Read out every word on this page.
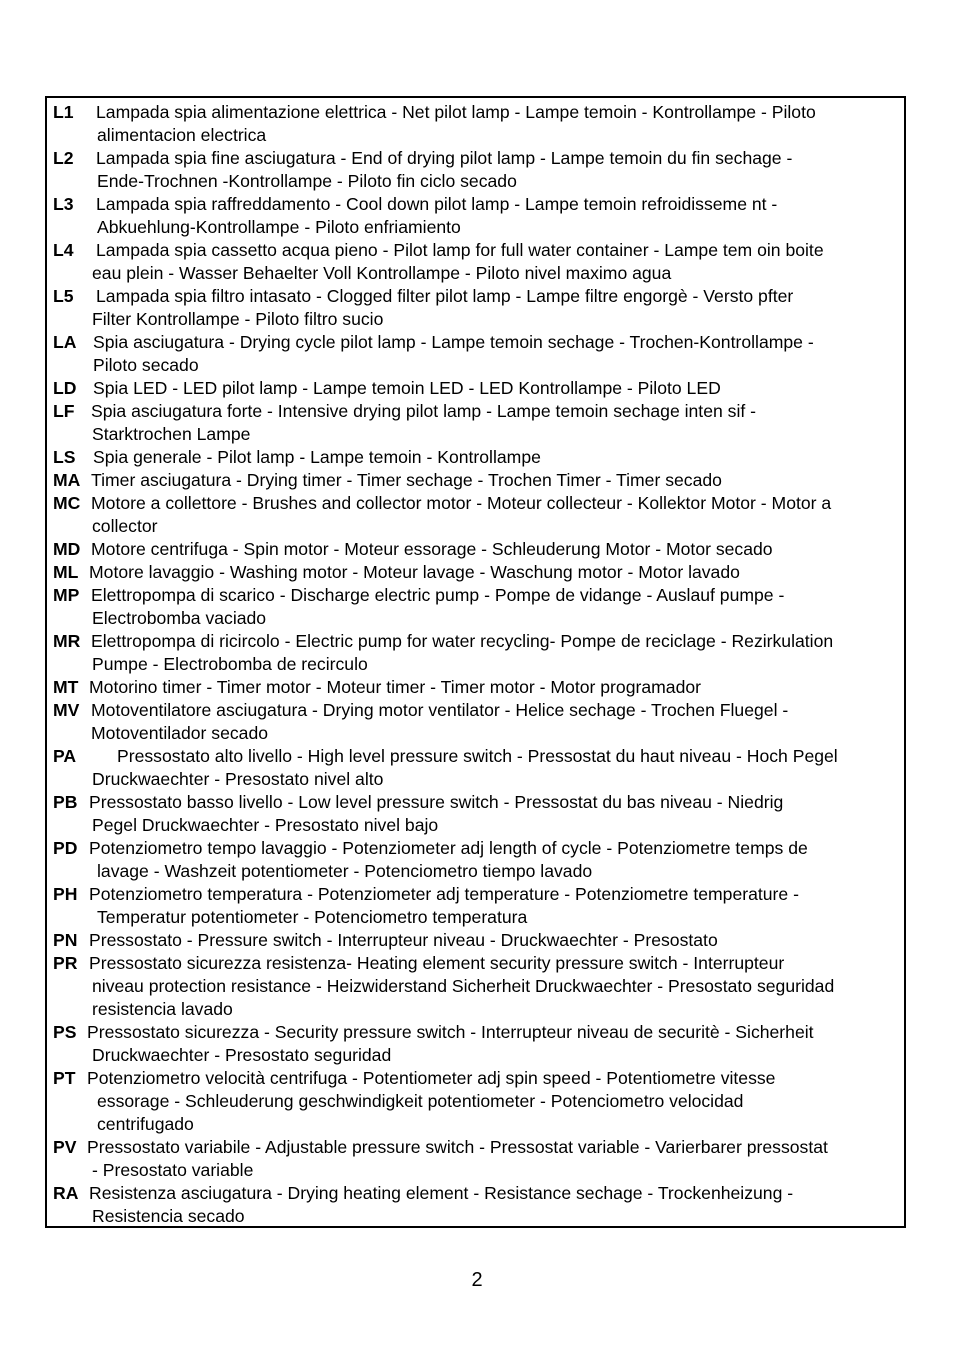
L1 Lampada spia alimentazione elettrica - Net pilot lamp - Lampe temoin - Kontrollampe - Piloto
alimentacion electrica
L2 Lampada spia fine asciugatura - End of drying pilot lamp - Lampe temoin du fin sechage -
Ende-Trochnen -Kontrollampe - Piloto fin ciclo secado
L3 Lampada spia raffreddamento - Cool down pilot lamp - Lampe temoin refroidisseme nt -
Abkuehlung-Kontrollampe - Piloto enfriamiento
L4 Lampada spia cassetto acqua pieno - Pilot lamp for full water container - Lampe tem oin boite
eau plein - Wasser Behaelter Voll Kontrollampe - Piloto nivel maximo agua
L5 Lampada spia filtro intasato - Clogged filter pilot lamp - Lampe filtre engorgè - Versto pfter
Filter Kontrollampe - Piloto filtro sucio
LA Spia asciugatura - Drying cycle pilot lamp - Lampe temoin sechage - Trochen-Kontrollampe -
Piloto secado
LD Spia LED - LED pilot lamp - Lampe temoin LED - LED Kontrollampe - Piloto LED
LF Spia asciugatura forte - Intensive drying pilot lamp - Lampe temoin sechage inten sif -
Starktrochen Lampe
LS Spia generale - Pilot lamp - Lampe temoin - Kontrollampe
MA Timer asciugatura - Drying timer - Timer sechage - Trochen Timer - Timer secado
MC Motore a collettore - Brushes and collector motor - Moteur collecteur - Kollektor Motor - Motor a
collector
MD Motore centrifuga - Spin motor - Moteur essorage - Schleuderung Motor - Motor secado
ML Motore lavaggio - Washing motor - Moteur lavage - Waschung motor - Motor lavado
MP Elettropompa di scarico - Discharge electric pump - Pompe de vidange - Auslauf pumpe -
Electrobomba vaciado
MR Elettropompa di ricircolo - Electric pump for water recycling- Pompe de reciclage - Rezirkulation
Pumpe - Electrobomba de recirculo
MT Motorino timer - Timer motor - Moteur timer - Timer motor - Motor programador
MV Motoventilatore asciugatura - Drying motor ventilator - Helice sechage - Trochen Fluegel -
Motoventilador secado
PA Pressostato alto livello - High level pressure switch - Pressostat du haut niveau - Hoch Pegel
Druckwaechter - Presostato nivel alto
PB Pressostato basso livello - Low level pressure switch - Pressostat du bas niveau - Niedrig
Pegel Druckwaechter - Presostato nivel bajo
PD Potenziometro tempo lavaggio - Potenziometer adj length of cycle - Potenziometre temps de
lavage - Washzeit potentiometer - Potenciometro tiempo lavado
PH Potenziometro temperatura - Potenziometer adj temperature - Potenziometre temperature -
Temperatur potentiometer - Potenciometro temperatura
PN Pressostato - Pressure switch - Interrupteur niveau - Druckwaechter - Presostato
PR Pressostato sicurezza resistenza- Heating element security pressure switch - Interrupteur
niveau protection resistance - Heizwiderstand Sicherheit Druckwaechter - Presostato seguridad
resistencia lavado
PS Pressostato sicurezza - Security pressure switch - Interrupteur niveau de securitè - Sicherheit
Druckwaechter - Presostato seguridad
PT Potenziometro velocità centrifuga - Potentiometer adj spin speed - Potentiometre vitesse
essorage - Schleuderung geschwindigkeit potentiometer - Potenciometro velocidad
centrifugado
PV Pressostato variabile - Adjustable pressure switch - Pressostat variable - Varierbarer pressostat
- Presostato variable
RA Resistenza asciugatura - Drying heating element - Resistance sechage - Trockenheizung -
Resistencia secado
2
